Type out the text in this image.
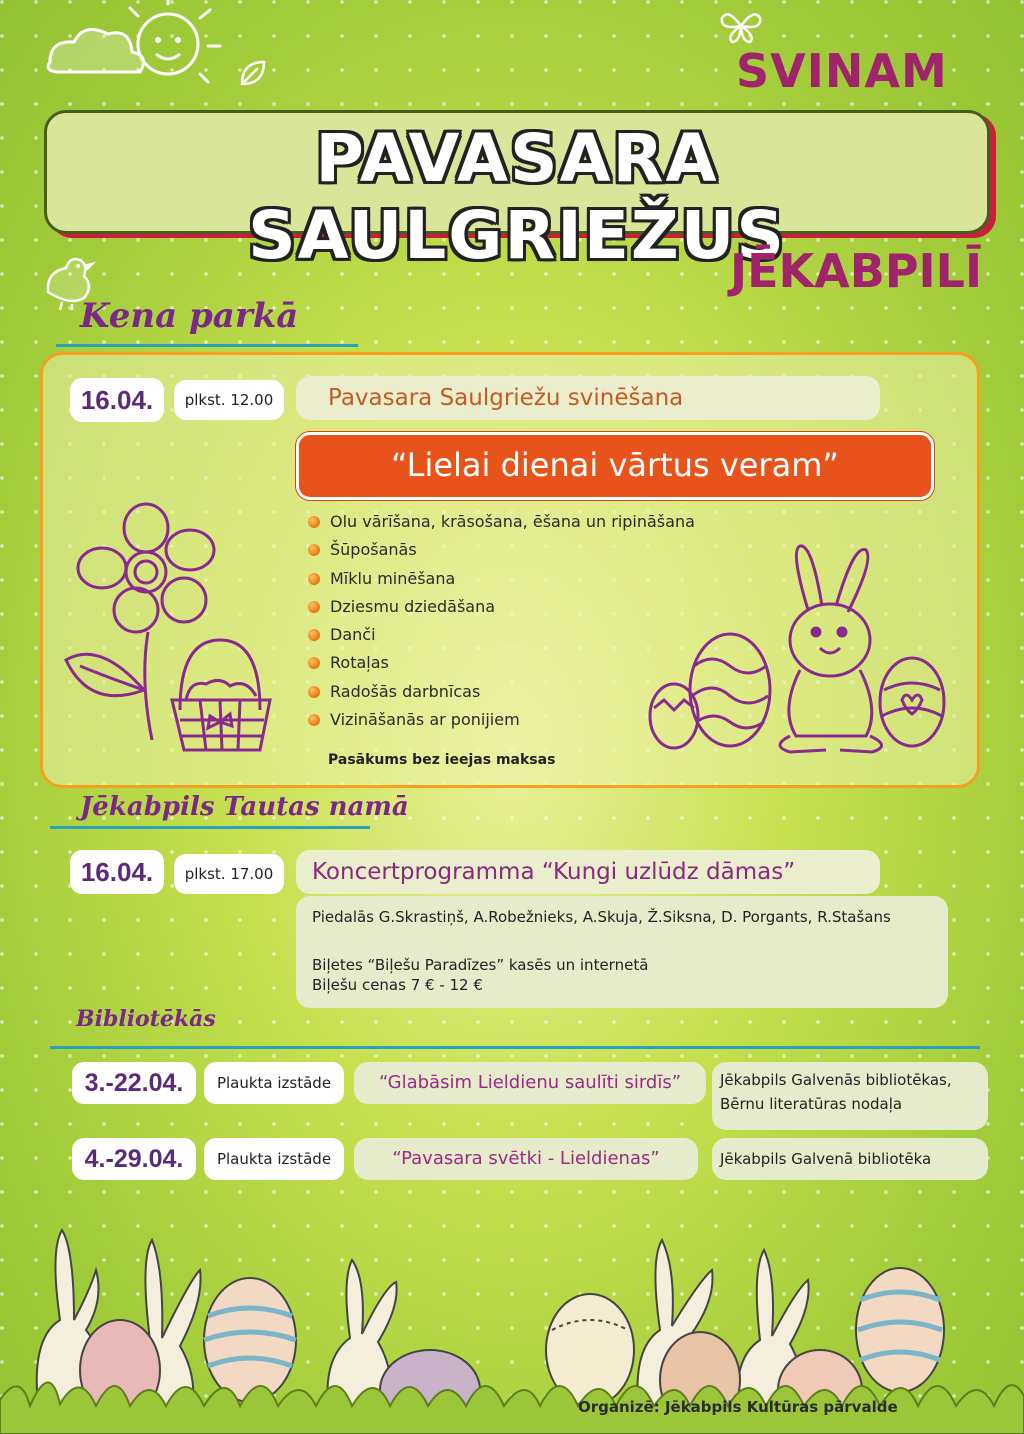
SVINAM
PAVASARA SAULGRIEŽUS
JĒKABPILĪ
Kena parkā
16.04.	plkst. 12.00	Pavasara Saulgriežu svinēšana
“Lielai dienai vārtus veram”
Olu vārīšana, krāsošana, ēšana un ripināšana
Šūpošanās
Mīklu minēšana
Dziesmu dziedāšana
Danči
Rotaļas
Radošās darbnīcas
Vizināšanās ar ponijiem
Pasākums bez ieejas maksas
Jēkabpils Tautas namā
16.04.	plkst. 17.00	Koncertprogramma “Kungi uzlūdz dāmas”
Piedalās G.Skrastiņš, A.Robežnieks, A.Skuja, Ž.Siksna, D. Porgants, R.Stašans
Biļetes “Biļešu Paradīzes” kasēs un internetā
Biļešu cenas 7 € - 12 €
Bibliotēkās
3.-22.04.	Plaukta izstāde	“Glabāsim Lieldienu saulīti sirdīs”	Jēkabpils Galvenās bibliotēkas,
Bērnu literatūras nodaļa
4.-29.04.	Plaukta izstāde	“Pavasara svētki - Lieldienas”	Jēkabpils Galvenā bibliotēka
Organizē: Jēkabpils Kultūras pārvalde
